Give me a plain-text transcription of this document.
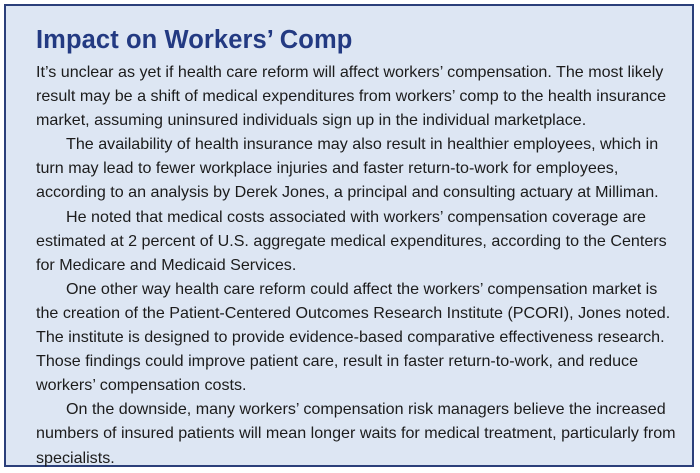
Impact on Workers’ Comp

It’s unclear as yet if health care reform will affect workers’ compensation. The most likely result may be a shift of medical expenditures from workers’ comp to the health insurance market, assuming uninsured individuals sign up in the individual marketplace.

The availability of health insurance may also result in healthier employees, which in turn may lead to fewer workplace injuries and faster return-to-work for employees, according to an analysis by Derek Jones, a principal and consulting actuary at Milliman.

He noted that medical costs associated with workers’ compensation coverage are estimated at 2 percent of U.S. aggregate medical expenditures, according to the Centers for Medicare and Medicaid Services.

One other way health care reform could affect the workers’ compensation market is the creation of the Patient-Centered Outcomes Research Institute (PCORI), Jones noted. The institute is designed to provide evidence-based comparative effectiveness research. Those findings could improve patient care, result in faster return-to-work, and reduce workers’ compensation costs.

On the downside, many workers’ compensation risk managers believe the increased numbers of insured patients will mean longer waits for medical treatment, particularly from specialists.
